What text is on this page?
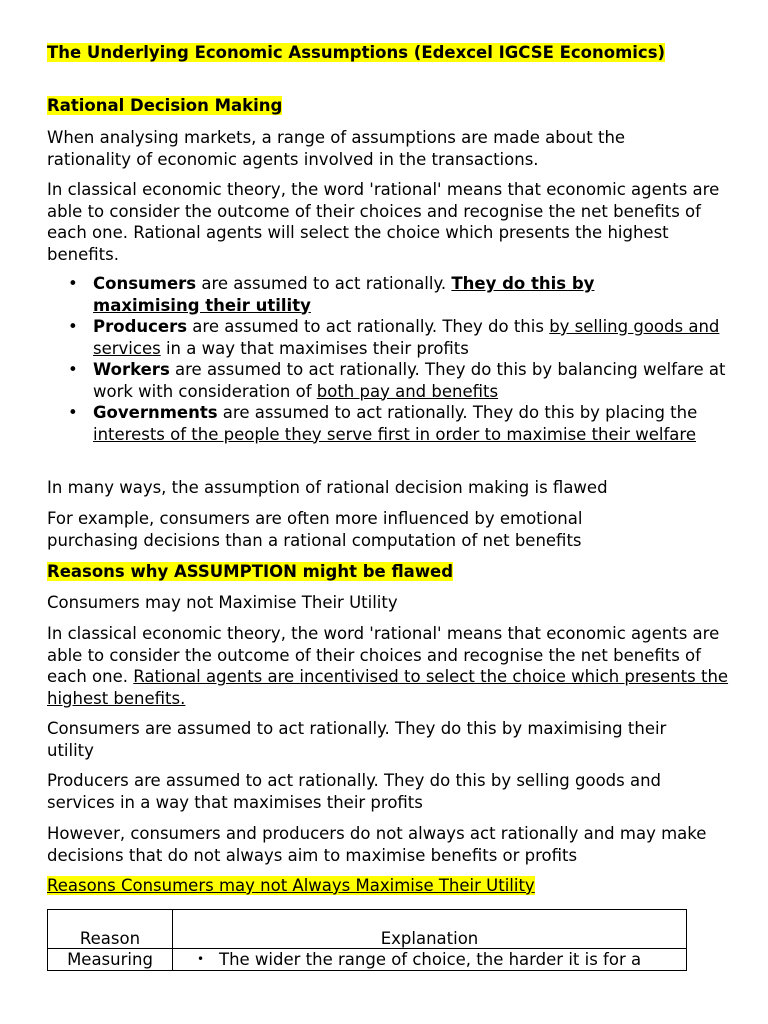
The Underlying Economic Assumptions (Edexcel IGCSE Economics)

Rational Decision Making

When analysing markets, a range of assumptions are made about the rationality of economic agents involved in the transactions.

In classical economic theory, the word 'rational' means that economic agents are able to consider the outcome of their choices and recognise the net benefits of each one. Rational agents will select the choice which presents the highest benefits.

• Consumers are assumed to act rationally. They do this by maximising their utility
• Producers are assumed to act rationally. They do this by selling goods and services in a way that maximises their profits
• Workers are assumed to act rationally. They do this by balancing welfare at work with consideration of both pay and benefits
• Governments are assumed to act rationally. They do this by placing the interests of the people they serve first in order to maximise their welfare

In many ways, the assumption of rational decision making is flawed

For example, consumers are often more influenced by emotional purchasing decisions than a rational computation of net benefits

Reasons why ASSUMPTION might be flawed

Consumers may not Maximise Their Utility

In classical economic theory, the word 'rational' means that economic agents are able to consider the outcome of their choices and recognise the net benefits of each one. Rational agents are incentivised to select the choice which presents the highest benefits.

Consumers are assumed to act rationally. They do this by maximising their utility

Producers are assumed to act rationally. They do this by selling goods and services in a way that maximises their profits

However, consumers and producers do not always act rationally and may make decisions that do not always aim to maximise benefits or profits

Reasons Consumers may not Always Maximise Their Utility

Reason	Explanation
Measuring	• The wider the range of choice, the harder it is for a
